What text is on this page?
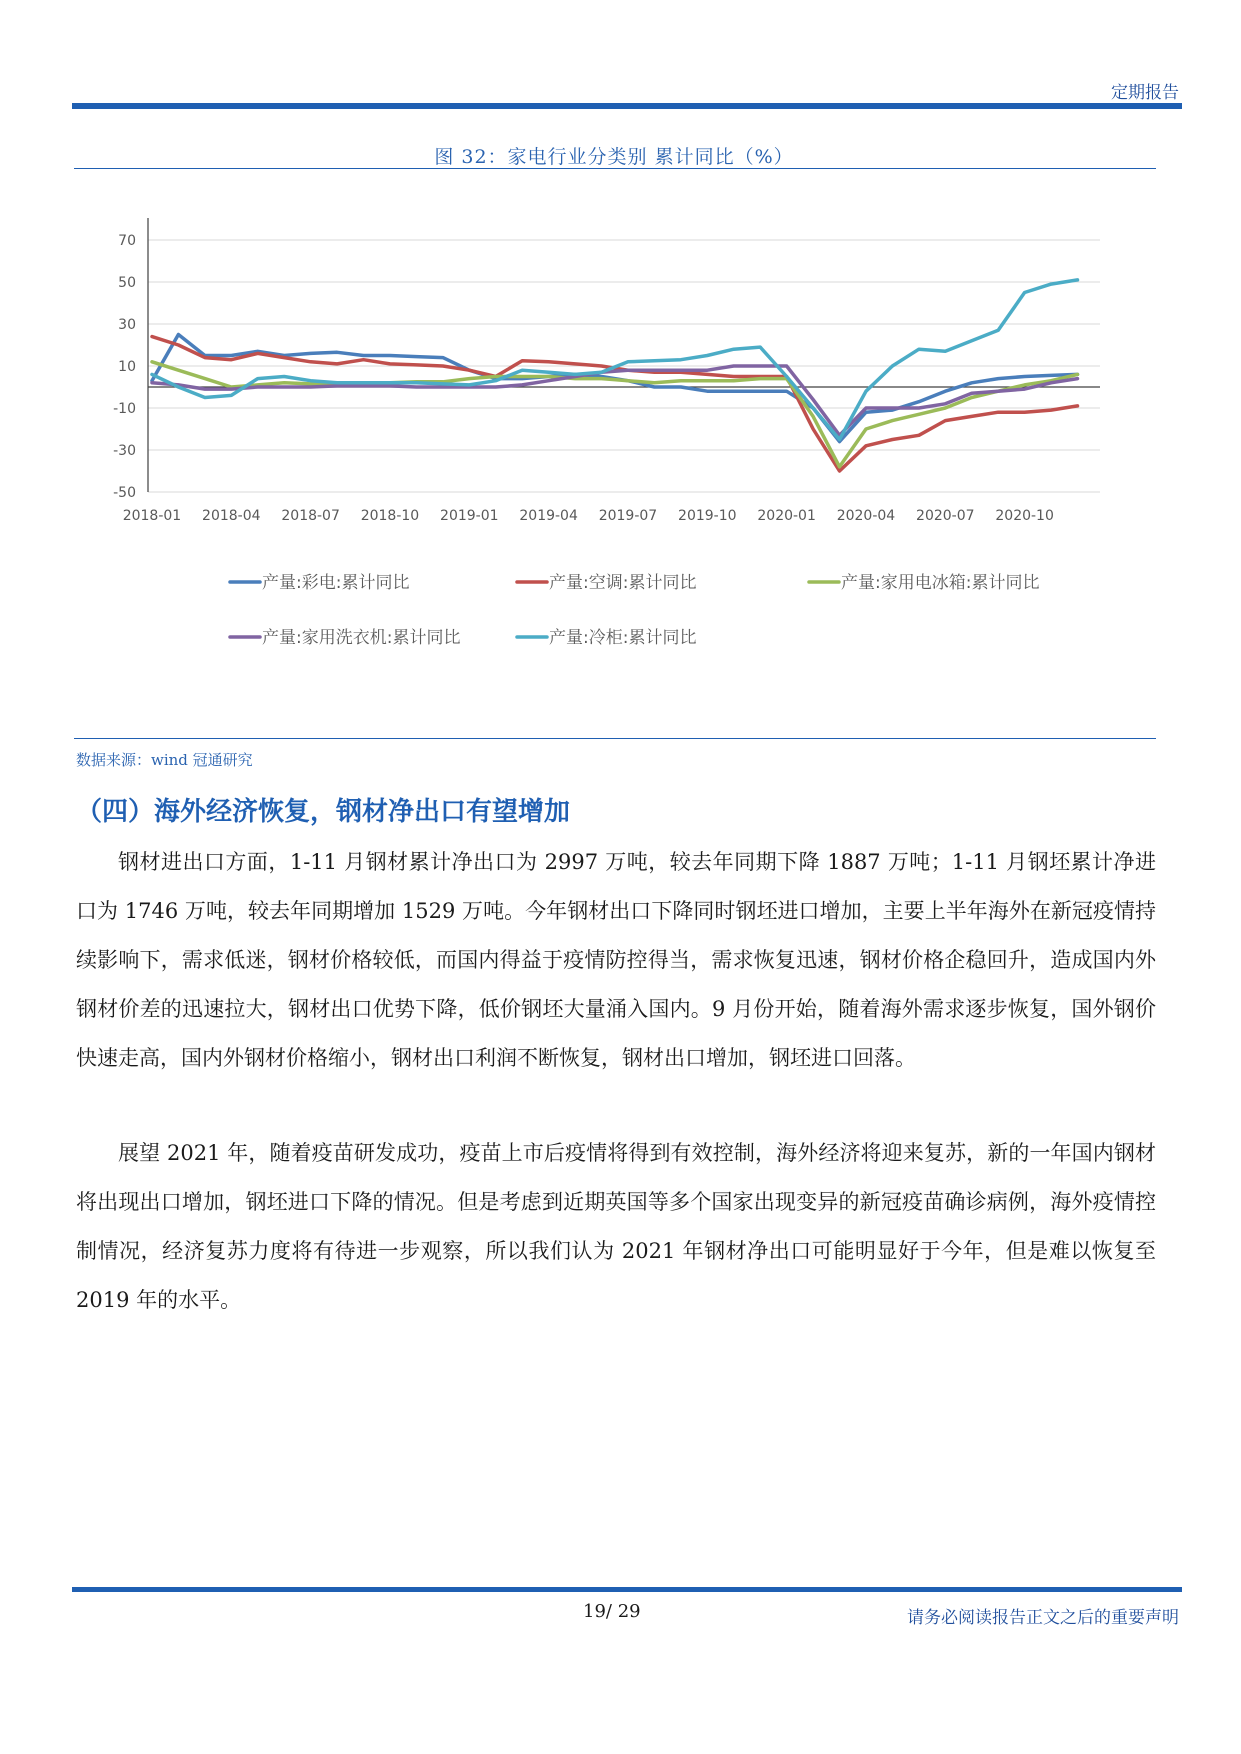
定期报告
图 32：家电行业分类别 累计同比（%）
70
50
30
10
-10
-30
-50
2018-01 2018-04 2018-07 2018-10 2019-01 2019-04 2019-07 2019-10 2020-01 2020-04 2020-07 2020-10
产量:彩电:累计同比	产量:空调:累计同比	产量:家用电冰箱:累计同比
产量:家用洗衣机:累计同比	产量:冷柜:累计同比
数据来源：wind 冠通研究
（四）海外经济恢复，钢材净出口有望增加
钢材进出口方面，1-11 月钢材累计净出口为 2997 万吨，较去年同期下降 1887 万吨；1-11 月钢坯累计净进口为 1746 万吨，较去年同期增加 1529 万吨。今年钢材出口下降同时钢坯进口增加，主要上半年海外在新冠疫情持续影响下，需求低迷，钢材价格较低，而国内得益于疫情防控得当，需求恢复迅速，钢材价格企稳回升，造成国内外钢材价差的迅速拉大，钢材出口优势下降，低价钢坯大量涌入国内。9 月份开始，随着海外需求逐步恢复，国外钢价快速走高，国内外钢材价格缩小，钢材出口利润不断恢复，钢材出口增加，钢坯进口回落。
展望 2021 年，随着疫苗研发成功，疫苗上市后疫情将得到有效控制，海外经济将迎来复苏，新的一年国内钢材将出现出口增加，钢坯进口下降的情况。但是考虑到近期英国等多个国家出现变异的新冠疫苗确诊病例，海外疫情控制情况，经济复苏力度将有待进一步观察，所以我们认为 2021 年钢材净出口可能明显好于今年，但是难以恢复至 2019 年的水平。
19/ 29	请务必阅读报告正文之后的重要声明
